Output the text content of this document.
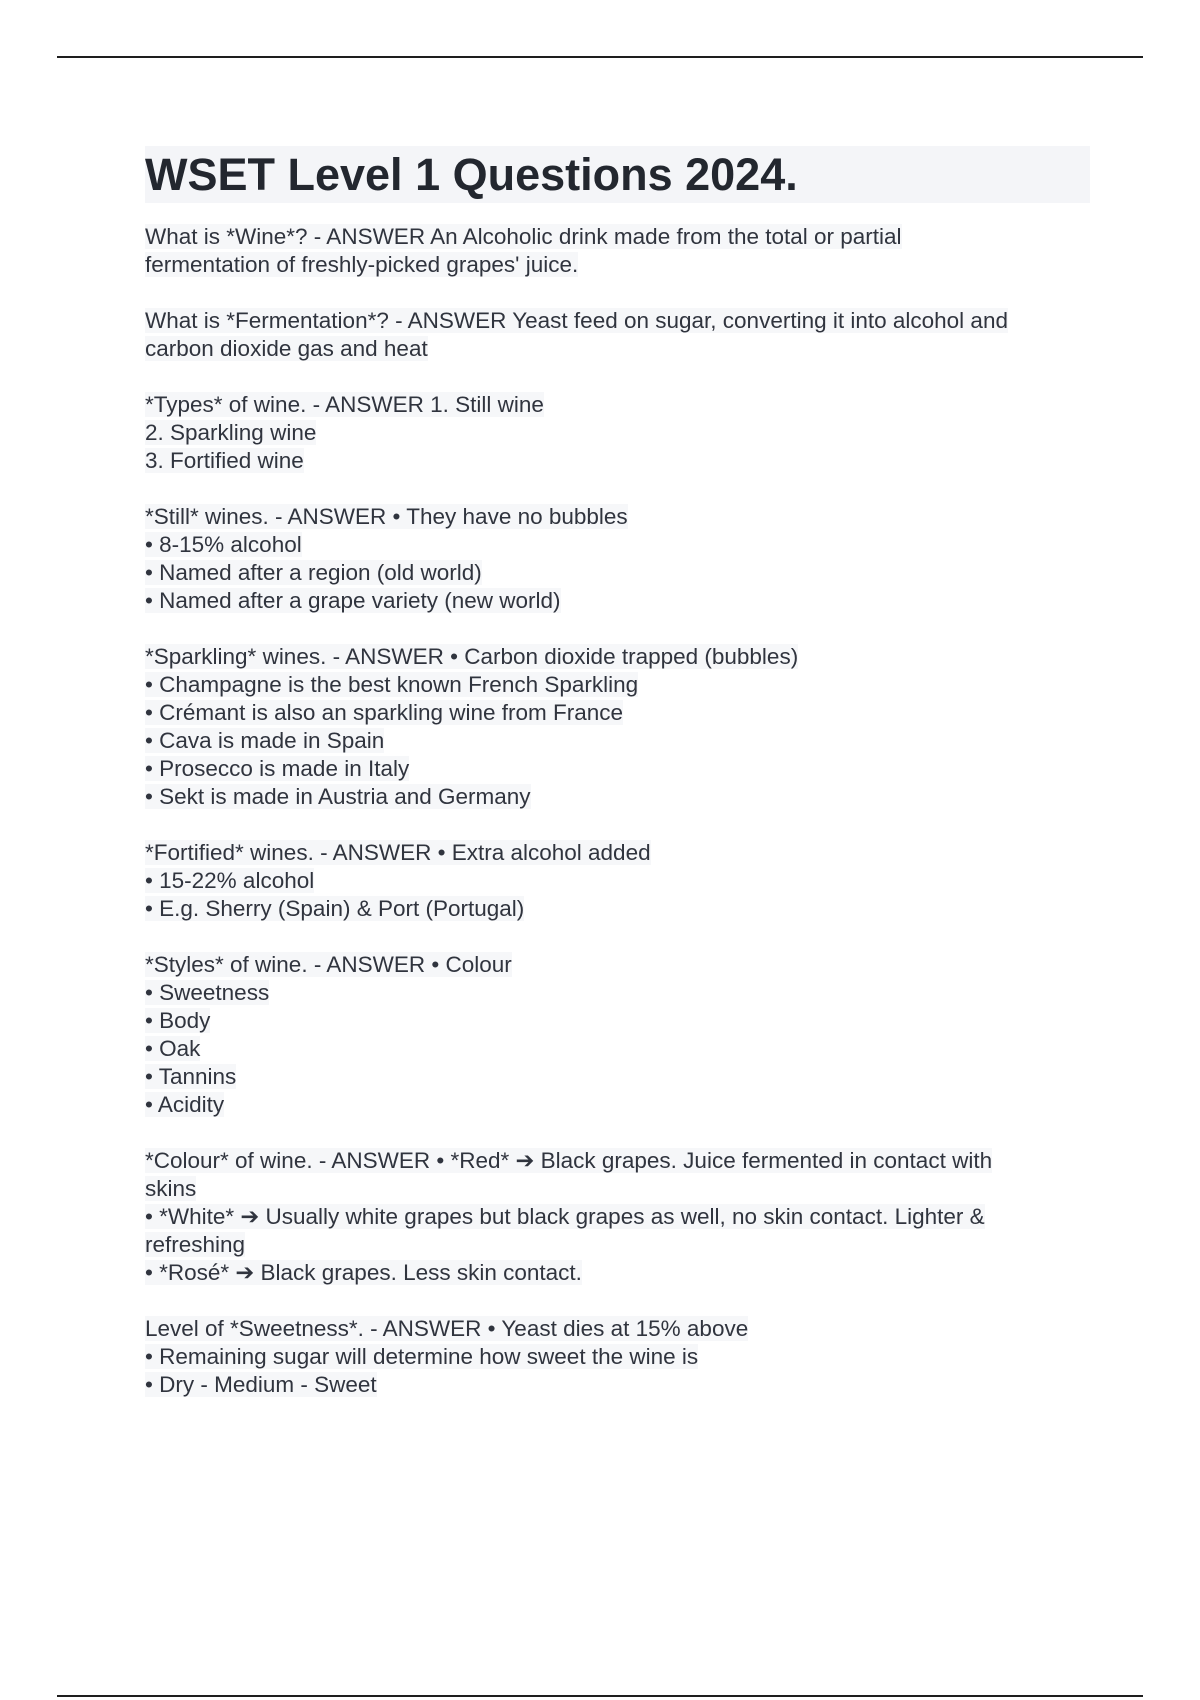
WSET Level 1 Questions 2024.
What is *Wine*? - ANSWER An Alcoholic drink made from the total or partial
fermentation of freshly-picked grapes' juice.
What is *Fermentation*? - ANSWER Yeast feed on sugar, converting it into alcohol and
carbon dioxide gas and heat
*Types* of wine. - ANSWER 1. Still wine
2. Sparkling wine
3. Fortified wine
*Still* wines. - ANSWER • They have no bubbles
• 8-15% alcohol
• Named after a region (old world)
• Named after a grape variety (new world)
*Sparkling* wines. - ANSWER • Carbon dioxide trapped (bubbles)
• Champagne is the best known French Sparkling
• Crémant is also an sparkling wine from France
• Cava is made in Spain
• Prosecco is made in Italy
• Sekt is made in Austria and Germany
*Fortified* wines. - ANSWER • Extra alcohol added
• 15-22% alcohol
• E.g. Sherry (Spain) & Port (Portugal)
*Styles* of wine. - ANSWER • Colour
• Sweetness
• Body
• Oak
• Tannins
• Acidity
*Colour* of wine. - ANSWER • *Red* ➔ Black grapes. Juice fermented in contact with
skins
• *White* ➔ Usually white grapes but black grapes as well, no skin contact. Lighter &
refreshing
• *Rosé* ➔ Black grapes. Less skin contact.
Level of *Sweetness*. - ANSWER • Yeast dies at 15% above
• Remaining sugar will determine how sweet the wine is
• Dry - Medium - Sweet
